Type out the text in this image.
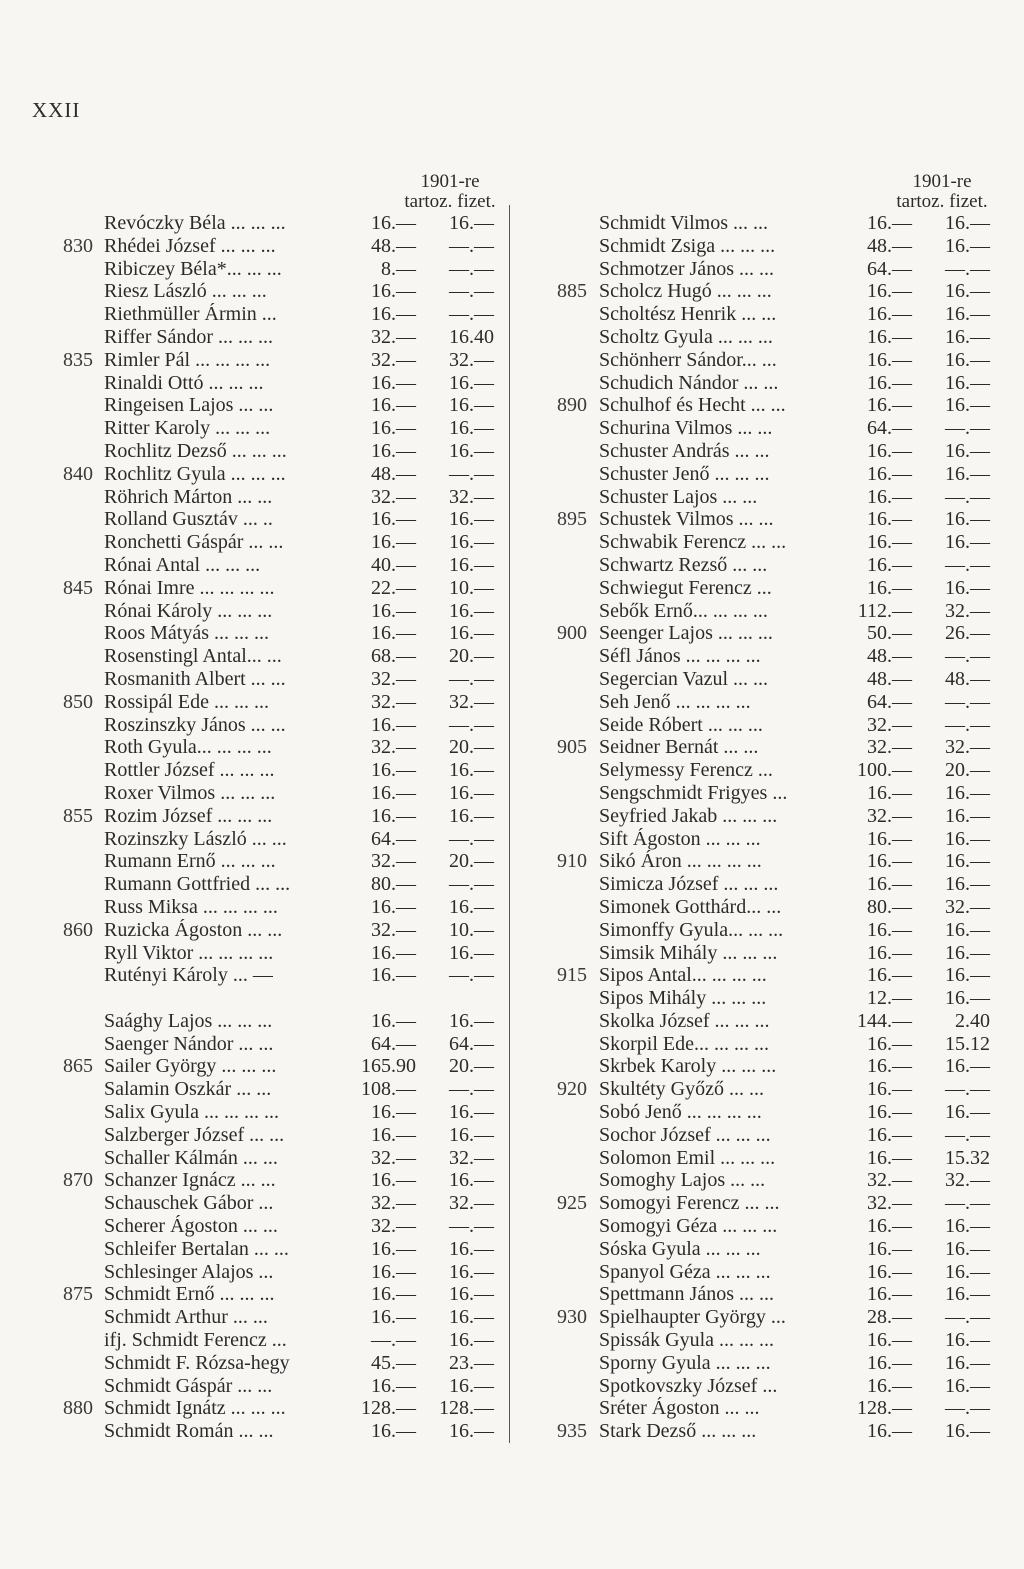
XXII
1901-re
tartoz. fizet.
1901-re
tartoz. fizet.
Revóczky Béla ... ... ...	16.—	16.—
830 Rhédei József ... ... ...	48.—	—.—
Ribiczey Béla*... ... ...	8.—	—.—
Riesz László ... ... ...	16.—	—.—
Riethmüller Ármin ...	16.—	—.—
Riffer Sándor ... ... ...	32.—	16.40
835 Rimler Pál ... ... ... ...	32.—	32.—
Rinaldi Ottó ... ... ...	16.—	16.—
Ringeisen Lajos ... ...	16.—	16.—
Ritter Karoly ... ... ...	16.—	16.—
Rochlitz Dezső ... ... ...	16.—	16.—
840 Rochlitz Gyula ... ... ...	48.—	—.—
Röhrich Márton ... ...	32.—	32.—
Rolland Gusztáv ... ..	16.—	16.—
Ronchetti Gáspár ... ...	16.—	16.—
Rónai Antal ... ... ...	40.—	16.—
845 Rónai Imre ... ... ... ...	22.—	10.—
Rónai Károly ... ... ...	16.—	16.—
Roos Mátyás ... ... ...	16.—	16.—
Rosenstingl Antal... ...	68.—	20.—
Rosmanith Albert ... ...	32.—	—.—
850 Rossipál Ede ... ... ...	32.—	32.—
Roszinszky János ... ...	16.—	—.—
Roth Gyula... ... ... ...	32.—	20.—
Rottler József ... ... ...	16.—	16.—
Roxer Vilmos ... ... ...	16.—	16.—
855 Rozim József ... ... ...	16.—	16.—
Rozinszky László ... ...	64.—	—.—
Rumann Ernő ... ... ...	32.—	20.—
Rumann Gottfried ... ...	80.—	—.—
Russ Miksa ... ... ... ...	16.—	16.—
860 Ruzicka Ágoston ... ...	32.—	10.—
Ryll Viktor ... ... ... ...	16.—	16.—
Rutényi Károly ... —	16.—	—.—
Saághy Lajos ... ... ...	16.—	16.—
Saenger Nándor ... ...	64.—	64.—
865 Sailer György ... ... ...	165.90	20.—
Salamin Oszkár ... ...	108.—	—.—
Salix Gyula ... ... ... ...	16.—	16.—
Salzberger József ... ...	16.—	16.—
Schaller Kálmán ... ...	32.—	32.—
870 Schanzer Ignácz ... ...	16.—	16.—
Schauschek Gábor ...	32.—	32.—
Scherer Ágoston ... ...	32.—	—.—
Schleifer Bertalan ... ...	16.—	16.—
Schlesinger Alajos ...	16.—	16.—
875 Schmidt Ernő ... ... ...	16.—	16.—
Schmidt Arthur ... ...	16.—	16.—
ifj. Schmidt Ferencz ...	—.—	16.—
Schmidt F. Rózsa-hegy	45.—	23.—
Schmidt Gáspár ... ...	16.—	16.—
880 Schmidt Ignátz ... ... ...	128.— 128.—
Schmidt Román ... ...	16.—	16.—
Schmidt Vilmos ... ...	16.—	16.—
Schmidt Zsiga ... ... ...	48.—	16.—
Schmotzer János ... ...	64.—	—.—
885 Scholcz Hugó ... ... ...	16.—	16.—
Scholtész Henrik ... ...	16.—	16.—
Scholtz Gyula ... ... ...	16.—	16.—
Schönherr Sándor... ...	16.—	16.—
Schudich Nándor ... ...	16.—	16.—
890 Schulhof és Hecht ... ...	16.—	16.—
Schurina Vilmos ... ...	64.—	—.—
Schuster András ... ...	16.—	16.—
Schuster Jenő ... ... ...	16.—	16.—
Schuster Lajos ... ...	16.—	—.—
895 Schustek Vilmos ... ...	16.—	16.—
Schwabik Ferencz ... ...	16.—	16.—
Schwartz Rezső ... ...	16.—	—.—
Schwiegut Ferencz ...	16.—	16.—
Sebők Ernő... ... ... ...	112.—	32.—
900 Seenger Lajos ... ... ...	50.—	26.—
Séfl János ... ... ... ...	48.—	—.—
Segercian Vazul ... ...	48.—	48.—
Seh Jenő ... ... ... ...	64.—	—.—
Seide Róbert ... ... ...	32.—	—.—
905 Seidner Bernát ... ...	32.—	32.—
Selymessy Ferencz ...	100.—	20.—
Sengschmidt Frigyes ...	16.—	16.—
Seyfried Jakab ... ... ...	32.—	16.—
Sift Ágoston ... ... ...	16.—	16.—
910 Sikó Áron ... ... ... ...	16.—	16.—
Simicza József ... ... ...	16.—	16.—
Simonek Gotthárd... ...	80.—	32.—
Simonffy Gyula... ... ...	16.—	16.—
Simsik Mihály ... ... ...	16.—	16.—
915 Sipos Antal... ... ... ...	16.—	16.—
Sipos Mihály ... ... ...	12.—	16.—
Skolka József ... ... ...	144.—	2.40
Skorpil Ede... ... ... ...	16.—	15.12
Skrbek Karoly ... ... ...	16.—	16.—
920 Skultéty Győző ... ...	16.—	—.—
Sobó Jenő ... ... ... ...	16.—	16.—
Sochor József ... ... ...	16.—	—.—
Solomon Emil ... ... ...	16.—	15.32
Somoghy Lajos ... ...	32.—	32.—
925 Somogyi Ferencz ... ...	32.—	—.—
Somogyi Géza ... ... ...	16.—	16.—
Sóska Gyula ... ... ...	16.—	16.—
Spanyol Géza ... ... ...	16.—	16.—
Spettmann János ... ...	16.—	16.—
930 Spielhaupter György ...	28.—	—.—
Spissák Gyula ... ... ...	16.—	16.—
Sporny Gyula ... ... ...	16.—	16.—
Spotkovszky József ...	16.—	16.—
Sréter Ágoston ... ...	128.—	—.—
935 Stark Dezső ... ... ...	16.—	16.—
